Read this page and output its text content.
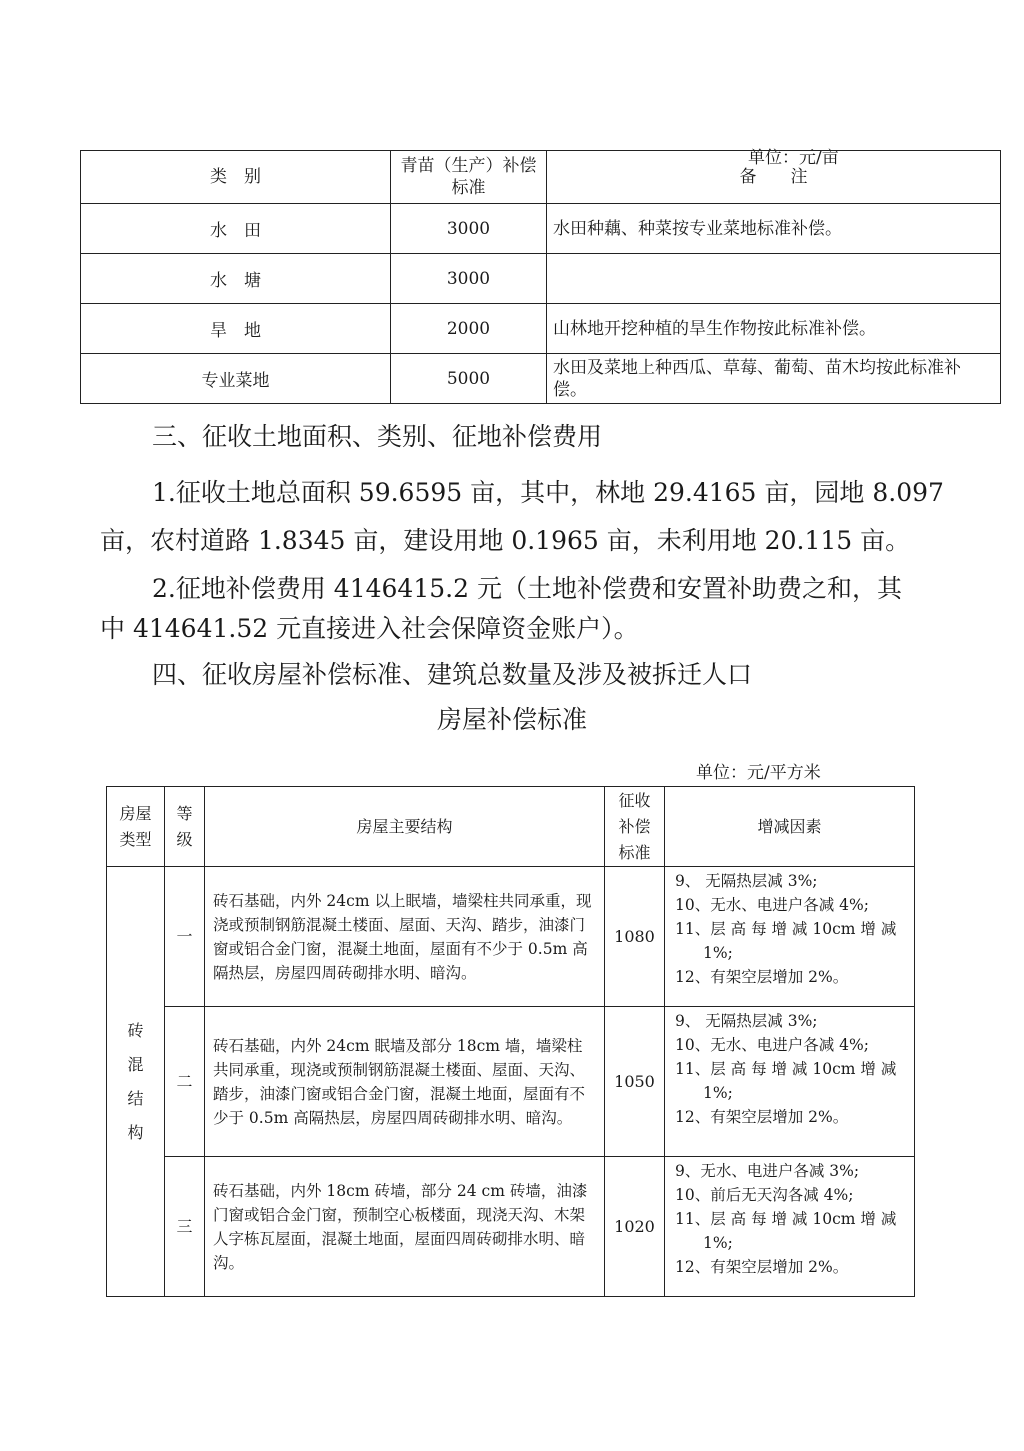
单位：元/亩
类　别	青苗（生产）补偿标准	备　　注
水　田	3000	水田种藕、种菜按专业菜地标准补偿。
水　塘	3000	
旱　地	2000	山林地开挖种植的旱生作物按此标准补偿。
专业菜地	5000	水田及菜地上种西瓜、草莓、葡萄、苗木均按此标准补偿。
三、征收土地面积、类别、征地补偿费用
1.征收土地总面积 59.6595 亩，其中，林地 29.4165 亩，园地 8.097
亩，农村道路 1.8345 亩，建设用地 0.1965 亩，未利用地 20.115 亩。
2.征地补偿费用 4146415.2 元（土地补偿费和安置补助费之和，其
中 414641.52 元直接进入社会保障资金账户）。
四、征收房屋补偿标准、建筑总数量及涉及被拆迁人口
房屋补偿标准
单位：元/平方米
房屋类型	等级	房屋主要结构	征收补偿标准	增减因素
砖混结构	一	砖石基础，内外 24cm 以上眠墙，墙梁柱共同承重，现浇或预制钢筋混凝土楼面、屋面、天沟、踏步，油漆门窗或铝合金门窗，混凝土地面，屋面有不少于 0.5m 高隔热层，房屋四周砖砌排水明、暗沟。	1080	9、 无隔热层减 3%;
10、无水、电进户各减 4%;
11、层 高 每 增 减 10cm 增 减
1%;
12、有架空层增加 2%。

	二	砖石基础，内外 24cm 眠墙及部分 18cm 墙，墙梁柱共同承重，现浇或预制钢筋混凝土楼面、屋面、天沟、踏步，油漆门窗或铝合金门窗，混凝土地面，屋面有不少于 0.5m 高隔热层，房屋四周砖砌排水明、暗沟。	1050	9、 无隔热层减 3%;
10、无水、电进户各减 4%;
11、层 高 每 增 减 10cm 增 减
1%;
12、有架空层增加 2%。

	三	砖石基础，内外 18cm 砖墙，部分 24 cm 砖墙，油漆门窗或铝合金门窗，预制空心板楼面，现浇天沟、木架人字栋瓦屋面，混凝土地面，屋面四周砖砌排水明、暗沟。	1020	9、无水、电进户各减 3%;
10、前后无天沟各减 4%;
11、层 高 每 增 减 10cm 增 减
1%;
12、有架空层增加 2%。
